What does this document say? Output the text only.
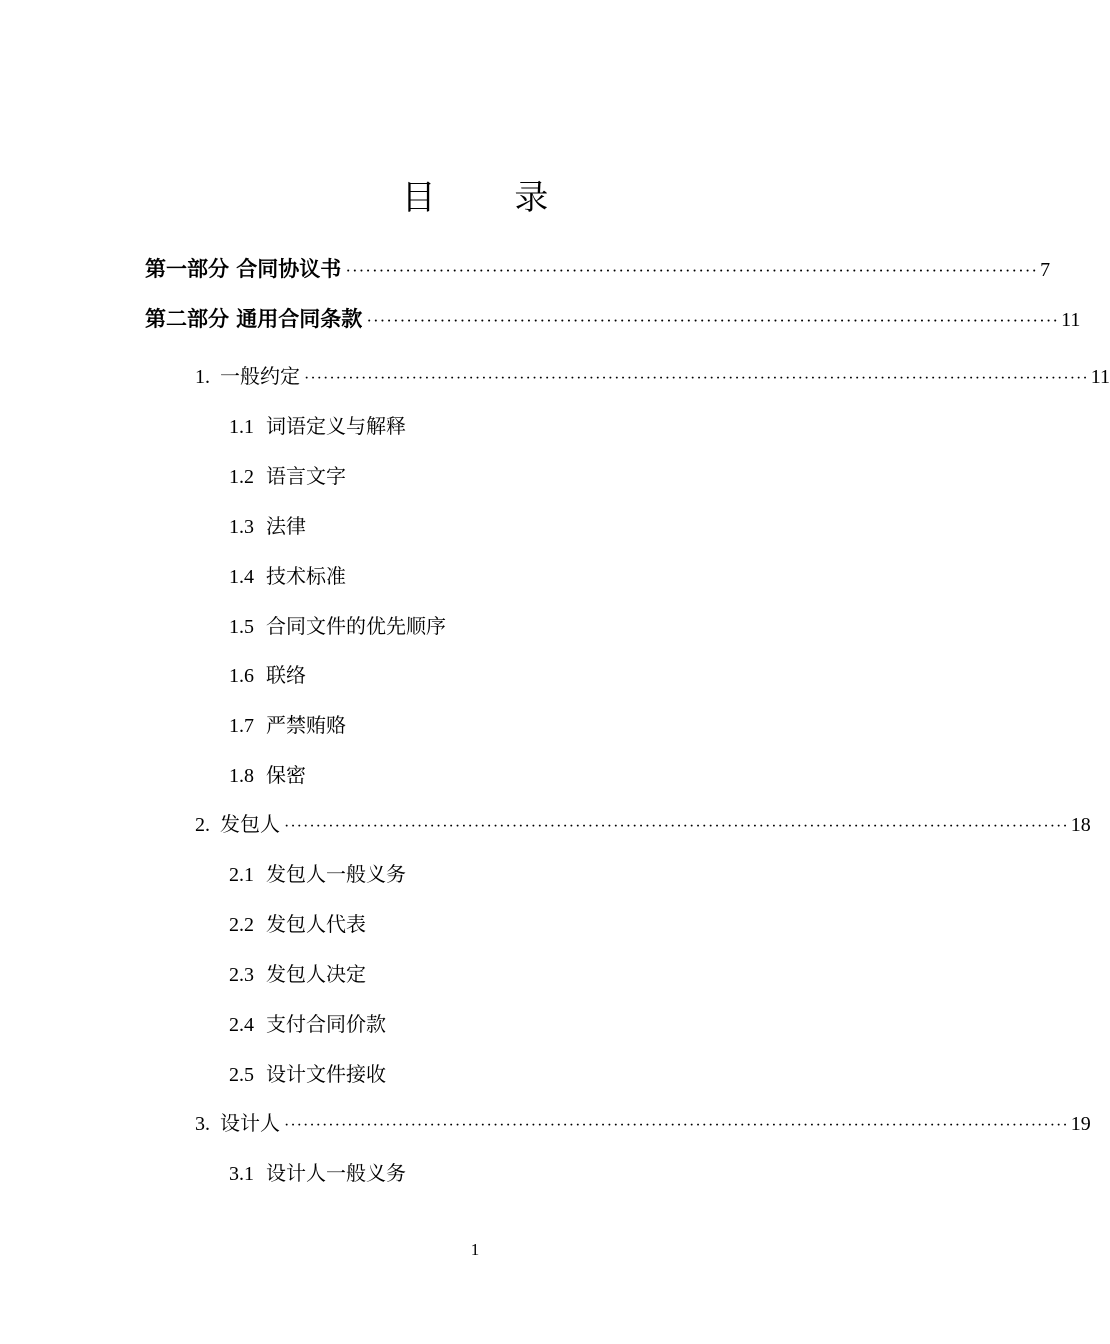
目 录
第一部分 合同协议书 ········································································································ 7
第二部分 通用合同条款 ········································································································ 11
1. 一般约定 ···························································································································· 11
1.1 词语定义与解释
1.2 语言文字
1.3 法律
1.4 技术标准
1.5 合同文件的优先顺序
1.6 联络
1.7 严禁贿赂
1.8 保密
2. 发包人 ···························································································································· 18
2.1 发包人一般义务
2.2 发包人代表
2.3 发包人决定
2.4 支付合同价款
2.5 设计文件接收
3. 设计人 ···························································································································· 19
3.1 设计人一般义务
1
